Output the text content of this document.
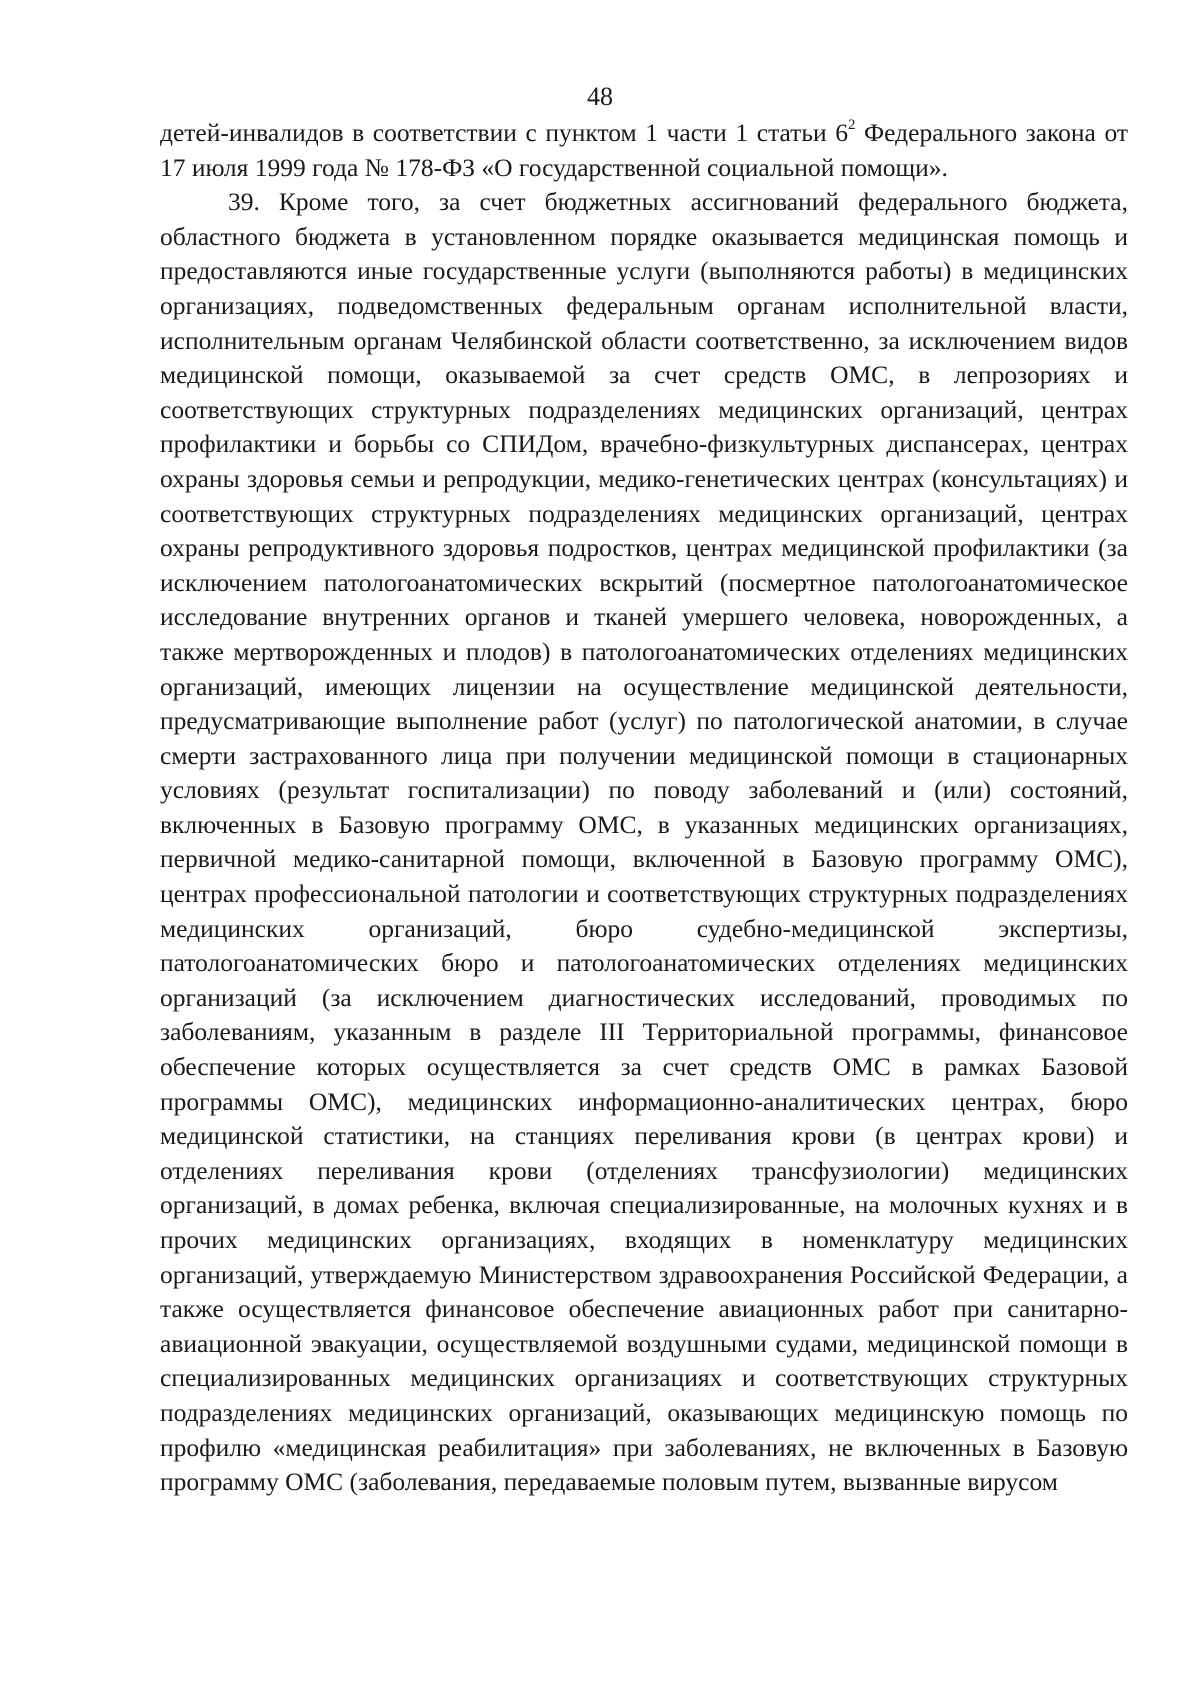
48

детей-инвалидов в соответствии с пунктом 1 части 1 статьи $6^2$ Федерального закона от 17 июля 1999 года № 178-ФЗ «О государственной социальной помощи».

39. Кроме того, за счет бюджетных ассигнований федерального бюджета, областного бюджета в установленном порядке оказывается медицинская помощь и предоставляются иные государственные услуги (выполняются работы) в медицинских организациях, подведомственных федеральным органам исполнительной власти, исполнительным органам Челябинской области соответственно, за исключением видов медицинской помощи, оказываемой за счет средств ОМС, в лепрозориях и соответствующих структурных подразделениях медицинских организаций, центрах профилактики и борьбы со СПИДом, врачебно-физкультурных диспансерах, центрах охраны здоровья семьи и репродукции, медико-генетических центрах (консультациях) и соответствующих структурных подразделениях медицинских организаций, центрах охраны репродуктивного здоровья подростков, центрах медицинской профилактики (за исключением патологоанатомических вскрытий (посмертное патологоанатомическое исследование внутренних органов и тканей умершего человека, новорожденных, а также мертворожденных и плодов) в патологоанатомических отделениях медицинских организаций, имеющих лицензии на осуществление медицинской деятельности, предусматривающие выполнение работ (услуг) по патологической анатомии, в случае смерти застрахованного лица при получении медицинской помощи в стационарных условиях (результат госпитализации) по поводу заболеваний и (или) состояний, включенных в Базовую программу ОМС, в указанных медицинских организациях, первичной медико-санитарной помощи, включенной в Базовую программу ОМС), центрах профессиональной патологии и соответствующих структурных подразделениях медицинских организаций, бюро судебно-медицинской экспертизы, патологоанатомических бюро и патологоанатомических отделениях медицинских организаций (за исключением диагностических исследований, проводимых по заболеваниям, указанным в разделе III Территориальной программы, финансовое обеспечение которых осуществляется за счет средств ОМС в рамках Базовой программы ОМС), медицинских информационно-аналитических центрах, бюро медицинской статистики, на станциях переливания крови (в центрах крови) и отделениях переливания крови (отделениях трансфузиологии) медицинских организаций, в домах ребенка, включая специализированные, на молочных кухнях и в прочих медицинских организациях, входящих в номенклатуру медицинских организаций, утверждаемую Министерством здравоохранения Российской Федерации, а также осуществляется финансовое обеспечение авиационных работ при санитарно-авиационной эвакуации, осуществляемой воздушными судами, медицинской помощи в специализированных медицинских организациях и соответствующих структурных подразделениях медицинских организаций, оказывающих медицинскую помощь по профилю «медицинская реабилитация» при заболеваниях, не включенных в Базовую программу ОМС (заболевания, передаваемые половым путем, вызванные вирусом
